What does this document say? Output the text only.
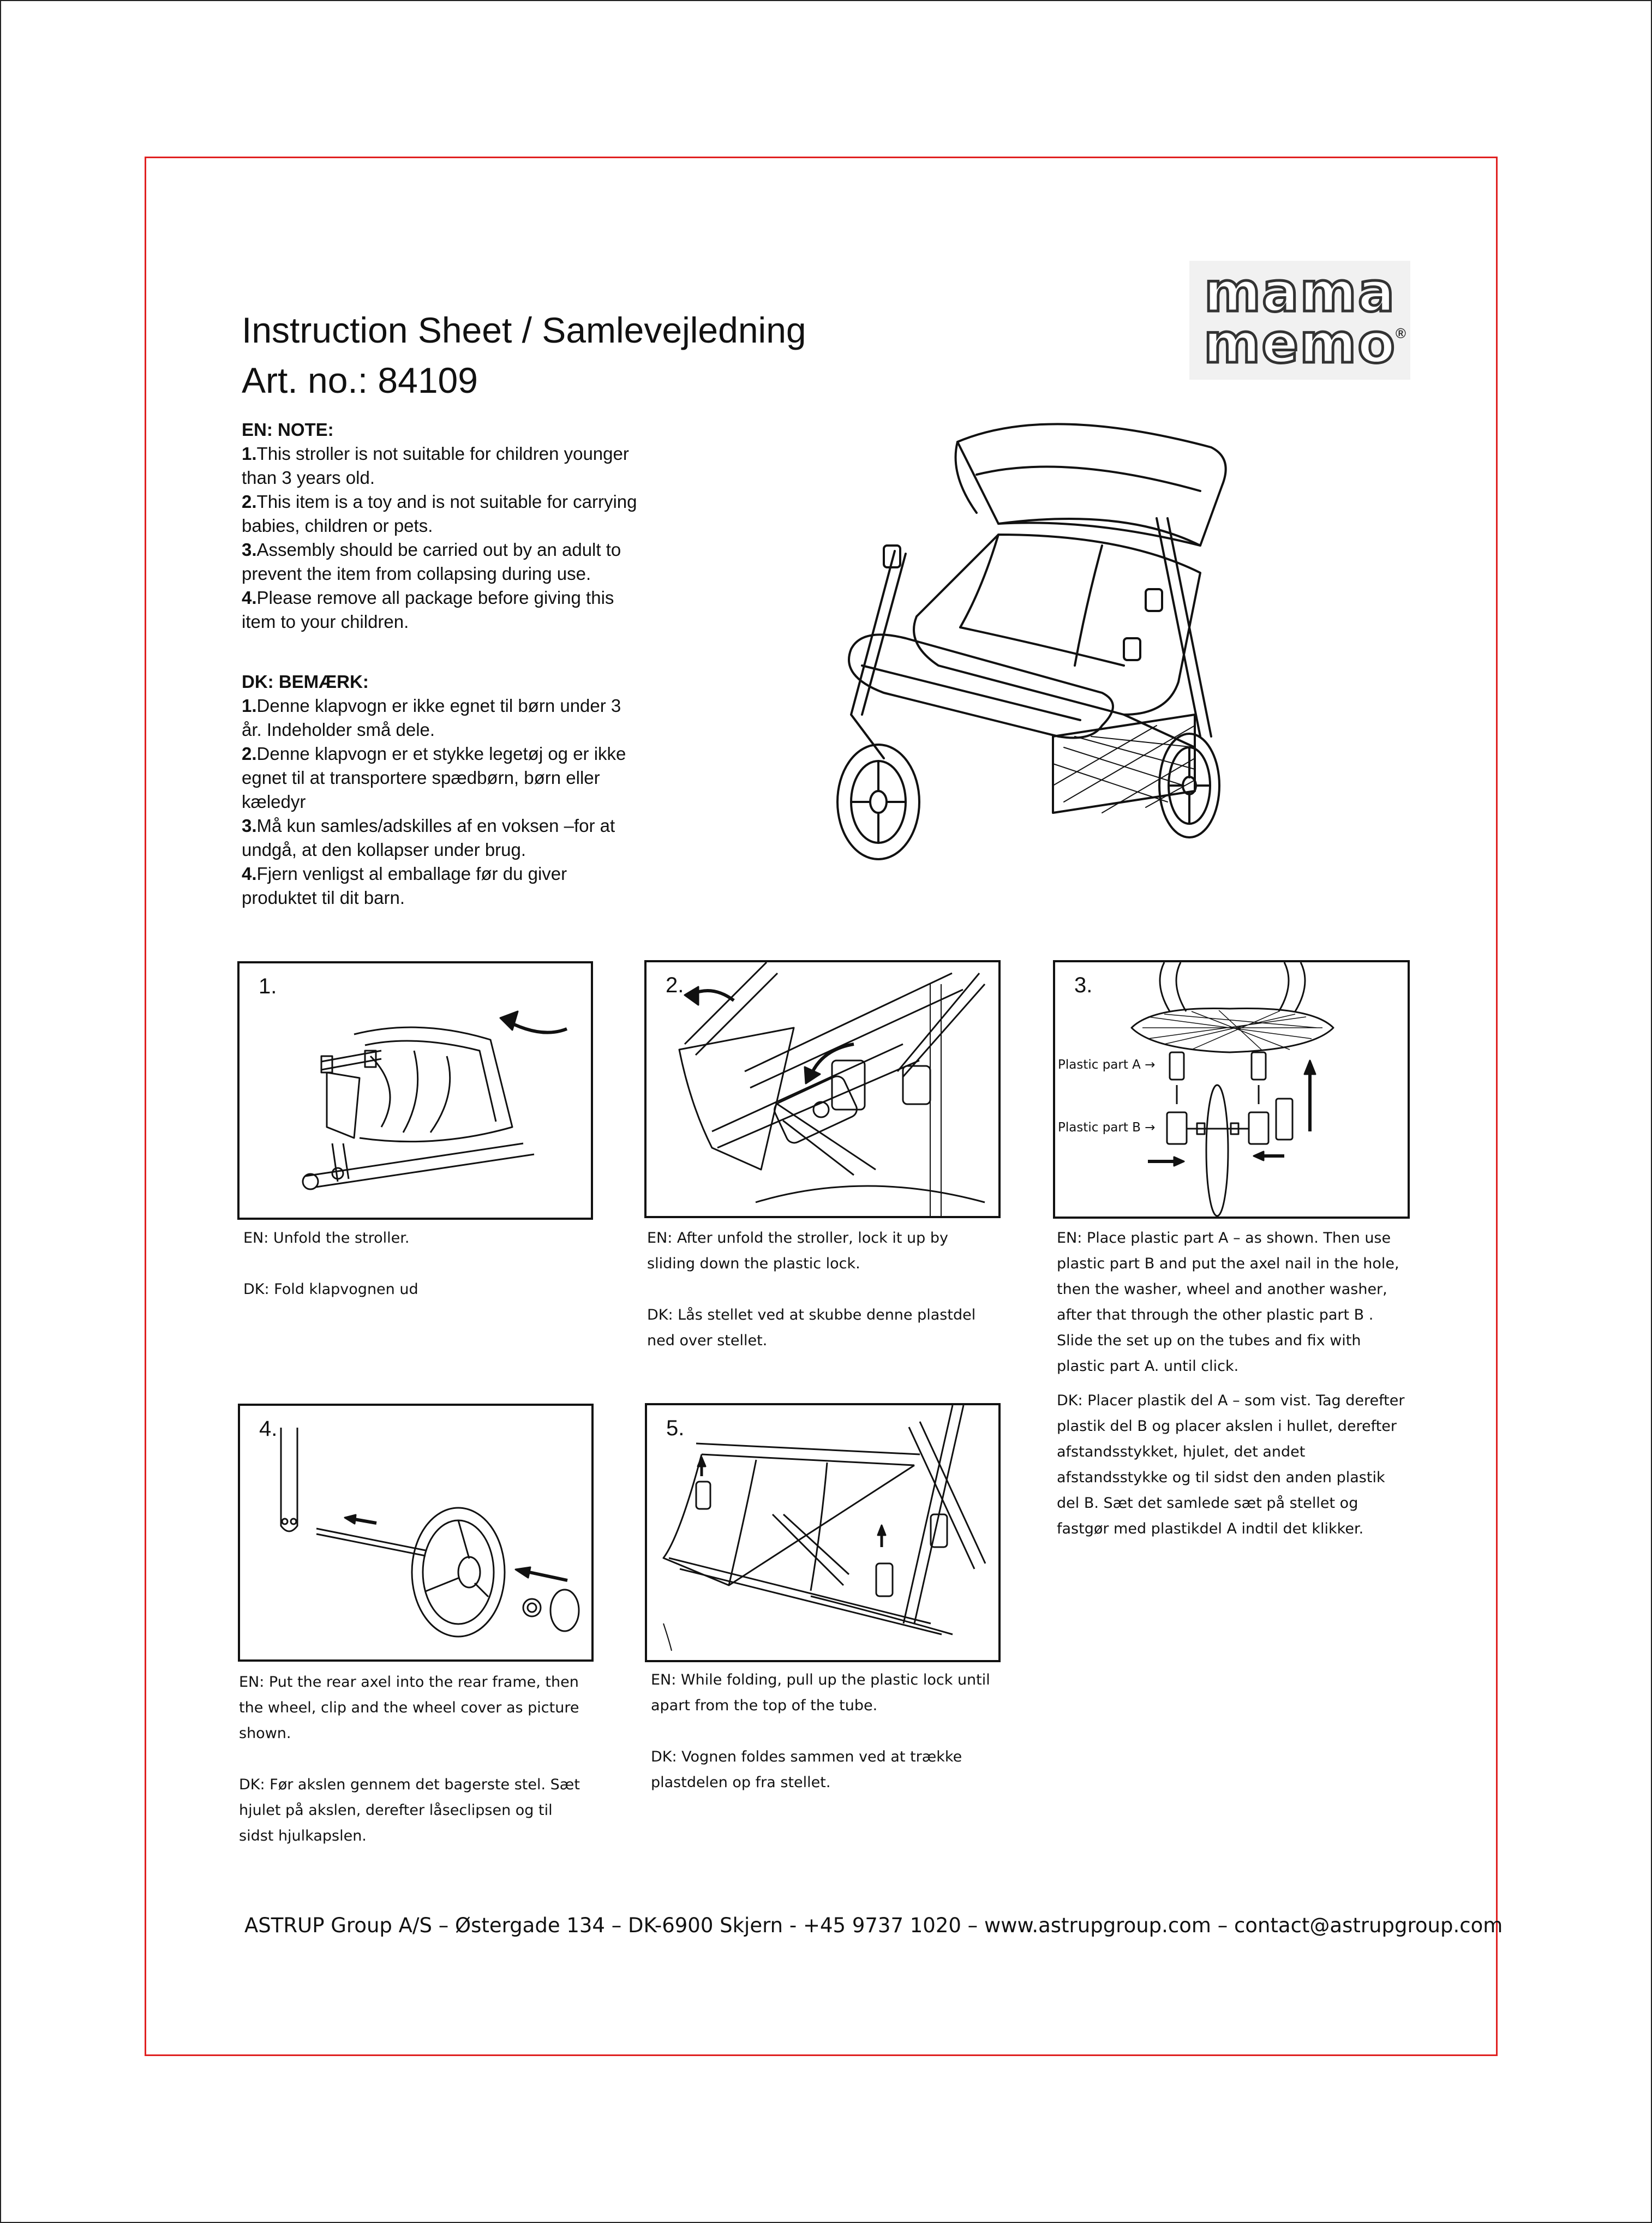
Instruction Sheet / Samlevejledning
Art. no.: 84109
mama
memo
®
EN: NOTE:
1.This stroller is not suitable for children younger than 3 years old.
2.This item is a toy and is not suitable for carrying babies, children or pets.
3.Assembly should be carried out by an adult to prevent the item from collapsing during use.
4.Please remove all package before giving this item to your children.
DK: BEMÆRK:
1.Denne klapvogn er ikke egnet til børn under 3 år. Indeholder små dele.
2.Denne klapvogn er et stykke legetøj og er ikke egnet til at transportere spædbørn, børn eller kæledyr
3.Må kun samles/adskilles af en voksen –for at undgå, at den kollapser under brug.
4.Fjern venligst al emballage før du giver produktet til dit barn.
1.	2.	3.
Plastic part A →
Plastic part B →
4.	5.

EN: Unfold the stroller.

DK: Fold klapvognen ud

EN: After unfold the stroller, lock it up by sliding down the plastic lock.

DK: Lås stellet ved at skubbe denne plastdel ned over stellet.

EN: Place plastic part A – as shown. Then use plastic part B and put the axel nail in the hole, then the washer, wheel and another washer, after that through the other plastic part B . Slide the set up on the tubes and fix with plastic part A. until click.

DK: Placer plastik del A – som vist. Tag derefter plastik del B og placer akslen i hullet, derefter afstandsstykket, hjulet, det andet afstandsstykke og til sidst den anden plastik del B. Sæt det samlede sæt på stellet og fastgør med plastikdel A indtil det klikker.

EN: Put the rear axel into the rear frame, then the wheel, clip and the wheel cover as picture shown.

DK: Før akslen gennem det bagerste stel. Sæt hjulet på akslen, derefter låseclipsen og til sidst hjulkapslen.

EN: While folding, pull up the plastic lock until apart from the top of the tube.

DK: Vognen foldes sammen ved at trække plastdelen op fra stellet.

ASTRUP Group A/S – Østergade 134 – DK-6900 Skjern - +45 9737 1020 – www.astrupgroup.com – contact@astrupgroup.com
